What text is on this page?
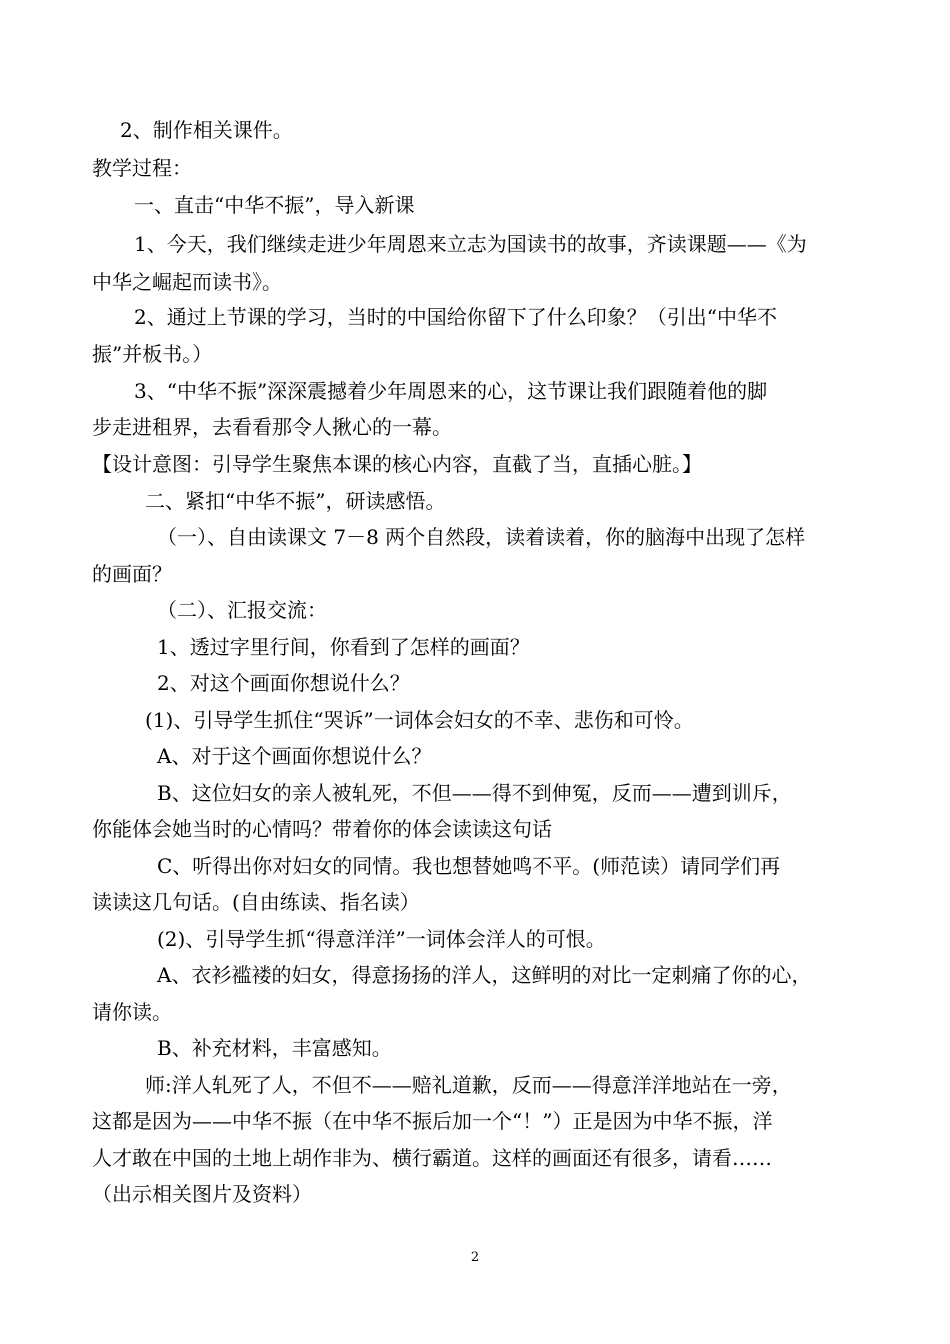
2、制作相关课件。
教学过程：
一、直击“中华不振”，导入新课
1、今天，我们继续走进少年周恩来立志为国读书的故事，齐读课题——《为
中华之崛起而读书》。
2、通过上节课的学习，当时的中国给你留下了什么印象？（引出“中华不
振”并板书。）
3、“中华不振”深深震撼着少年周恩来的心，这节课让我们跟随着他的脚
步走进租界，去看看那令人揪心的一幕。
【设计意图：引导学生聚焦本课的核心内容，直截了当，直插心脏。】
二、紧扣“中华不振”，研读感悟。
（一）、自由读课文 7－8 两个自然段，读着读着，你的脑海中出现了怎样
的画面？
（二）、汇报交流：
1、透过字里行间，你看到了怎样的画面？
2、对这个画面你想说什么？
(1)、引导学生抓住“哭诉”一词体会妇女的不幸、悲伤和可怜。
A、对于这个画面你想说什么？
B、这位妇女的亲人被轧死，不但——得不到伸冤，反而——遭到训斥，
你能体会她当时的心情吗？带着你的体会读读这句话
C、听得出你对妇女的同情。我也想替她鸣不平。(师范读）请同学们再
读读这几句话。(自由练读、指名读）
(2)、引导学生抓“得意洋洋”一词体会洋人的可恨。
A、衣衫褴褛的妇女，得意扬扬的洋人，这鲜明的对比一定刺痛了你的心，
请你读。
B、补充材料，丰富感知。
师:洋人轧死了人，不但不——赔礼道歉，反而——得意洋洋地站在一旁，
这都是因为——中华不振（在中华不振后加一个“！”）正是因为中华不振，洋
人才敢在中国的土地上胡作非为、横行霸道。这样的画面还有很多，请看……
（出示相关图片及资料）
2
